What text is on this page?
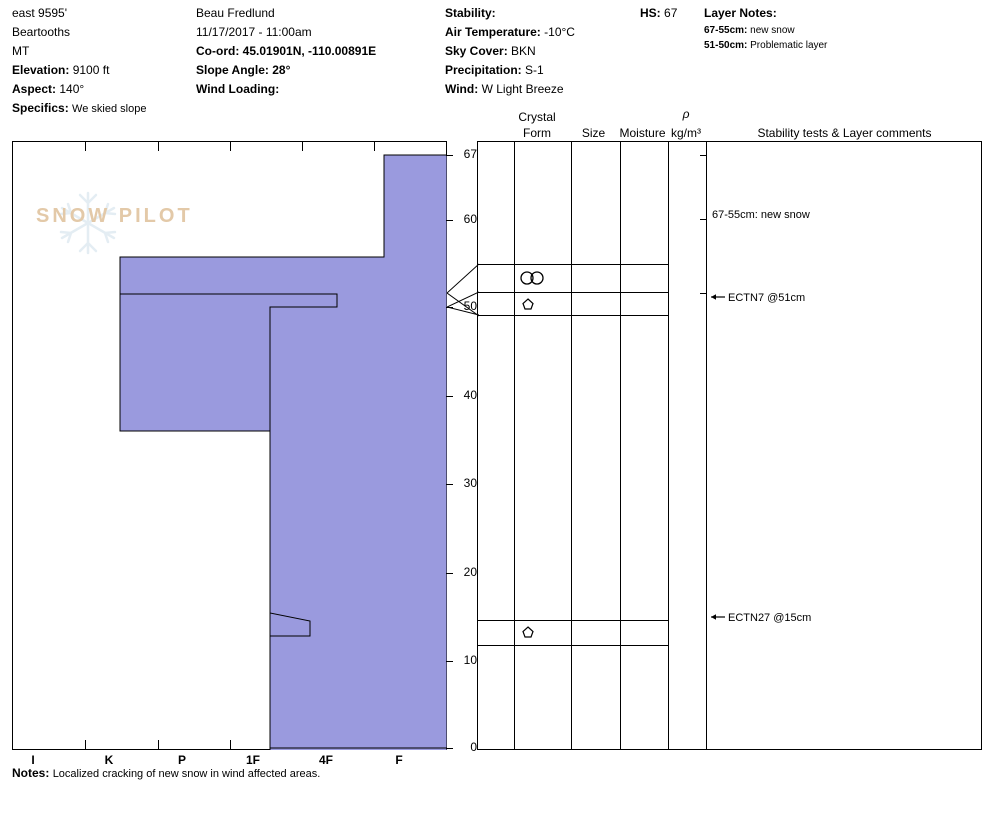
east 9595'
Beartooths
MT
Elevation: 9100 ft
Aspect: 140°
Specifics: We skied slope
Beau Fredlund
11/17/2017 - 11:00am
Co-ord: 45.01901N, -110.00891E
Slope Angle: 28°
Wind Loading:
Stability:
Air Temperature: -10°C
Sky Cover: BKN
Precipitation: S-1
Wind: W Light Breeze
HS: 67 Layer Notes:
67-55cm: new snow
51-50cm: Problematic layer
Crystal
Form	Size	Moisture
ρ
kg/m³	Stability tests & Layer comments
SNOW PILOT
I	K	P	1F	4F	F
67
60
50
40
30
20
10
0
67-55cm: new snow
ECTN7 @51cm
ECTN27 @15cm
Notes: Localized cracking of new snow in wind affected areas.
